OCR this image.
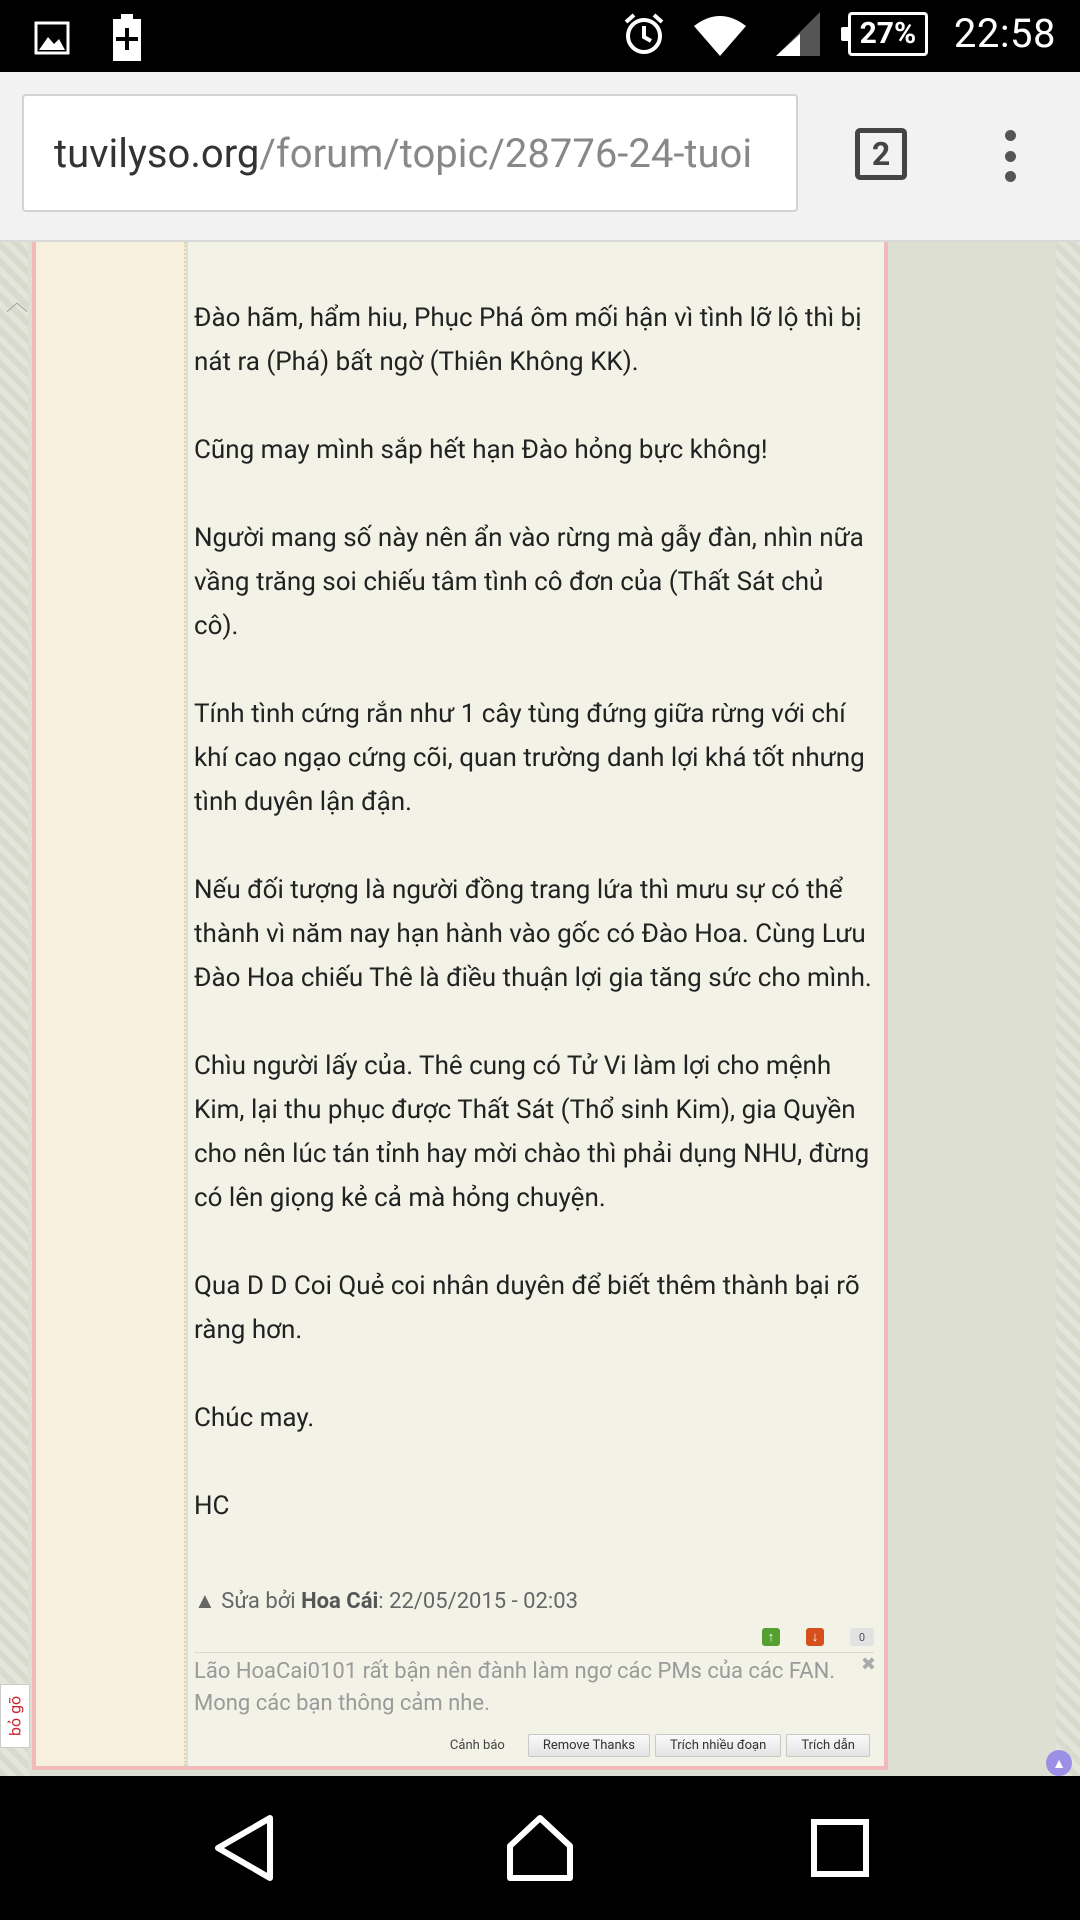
27% 22:58
tuvilyso.org /forum/topic/28776-24-tuoi	2
︿
bỏ gõ

Đào hãm, hẩm hiu, Phục Phá ôm mối hận vì tình lỡ lộ thì bị nát ra (Phá) bất ngờ (Thiên Không KK).

Cũng may mình sắp hết hạn Đào hỏng bực không!

Người mang số này nên ẩn vào rừng mà gẫy đàn, nhìn nữa vầng trăng soi chiếu tâm tình cô đơn của (Thất Sát chủ cô).

Tính tình cứng rắn như 1 cây tùng đứng giữa rừng với chí khí cao ngạo cứng cõi, quan trường danh lợi khá tốt nhưng tình duyên lận đận.

Nếu đối tượng là người đồng trang lứa thì mưu sự có thể thành vì năm nay hạn hành vào gốc có Đào Hoa. Cùng Lưu Đào Hoa chiếu Thê là điều thuận lợi gia tăng sức cho mình.

Chìu người lấy của. Thê cung có Tử Vi làm lợi cho mệnh Kim, lại thu phục được Thất Sát (Thổ sinh Kim), gia Quyền cho nên lúc tán tỉnh hay mời chào thì phải dụng NHU, đừng có lên giọng kẻ cả mà hỏng chuyện.

Qua D D Coi Quẻ coi nhân duyên để biết thêm thành bại rõ ràng hơn.

Chúc may.

HC

▲ Sửa bởi Hoa Cái: 22/05/2015 - 02:03
↑	↓	0
✖
Lão HoaCai0101 rất bận nên đành làm ngơ các PMs của các FAN. Mong các bạn thông cảm nhe.
Cảnh báo	Remove Thanks	Trích nhiều đoạn	Trích dẫn
▲
